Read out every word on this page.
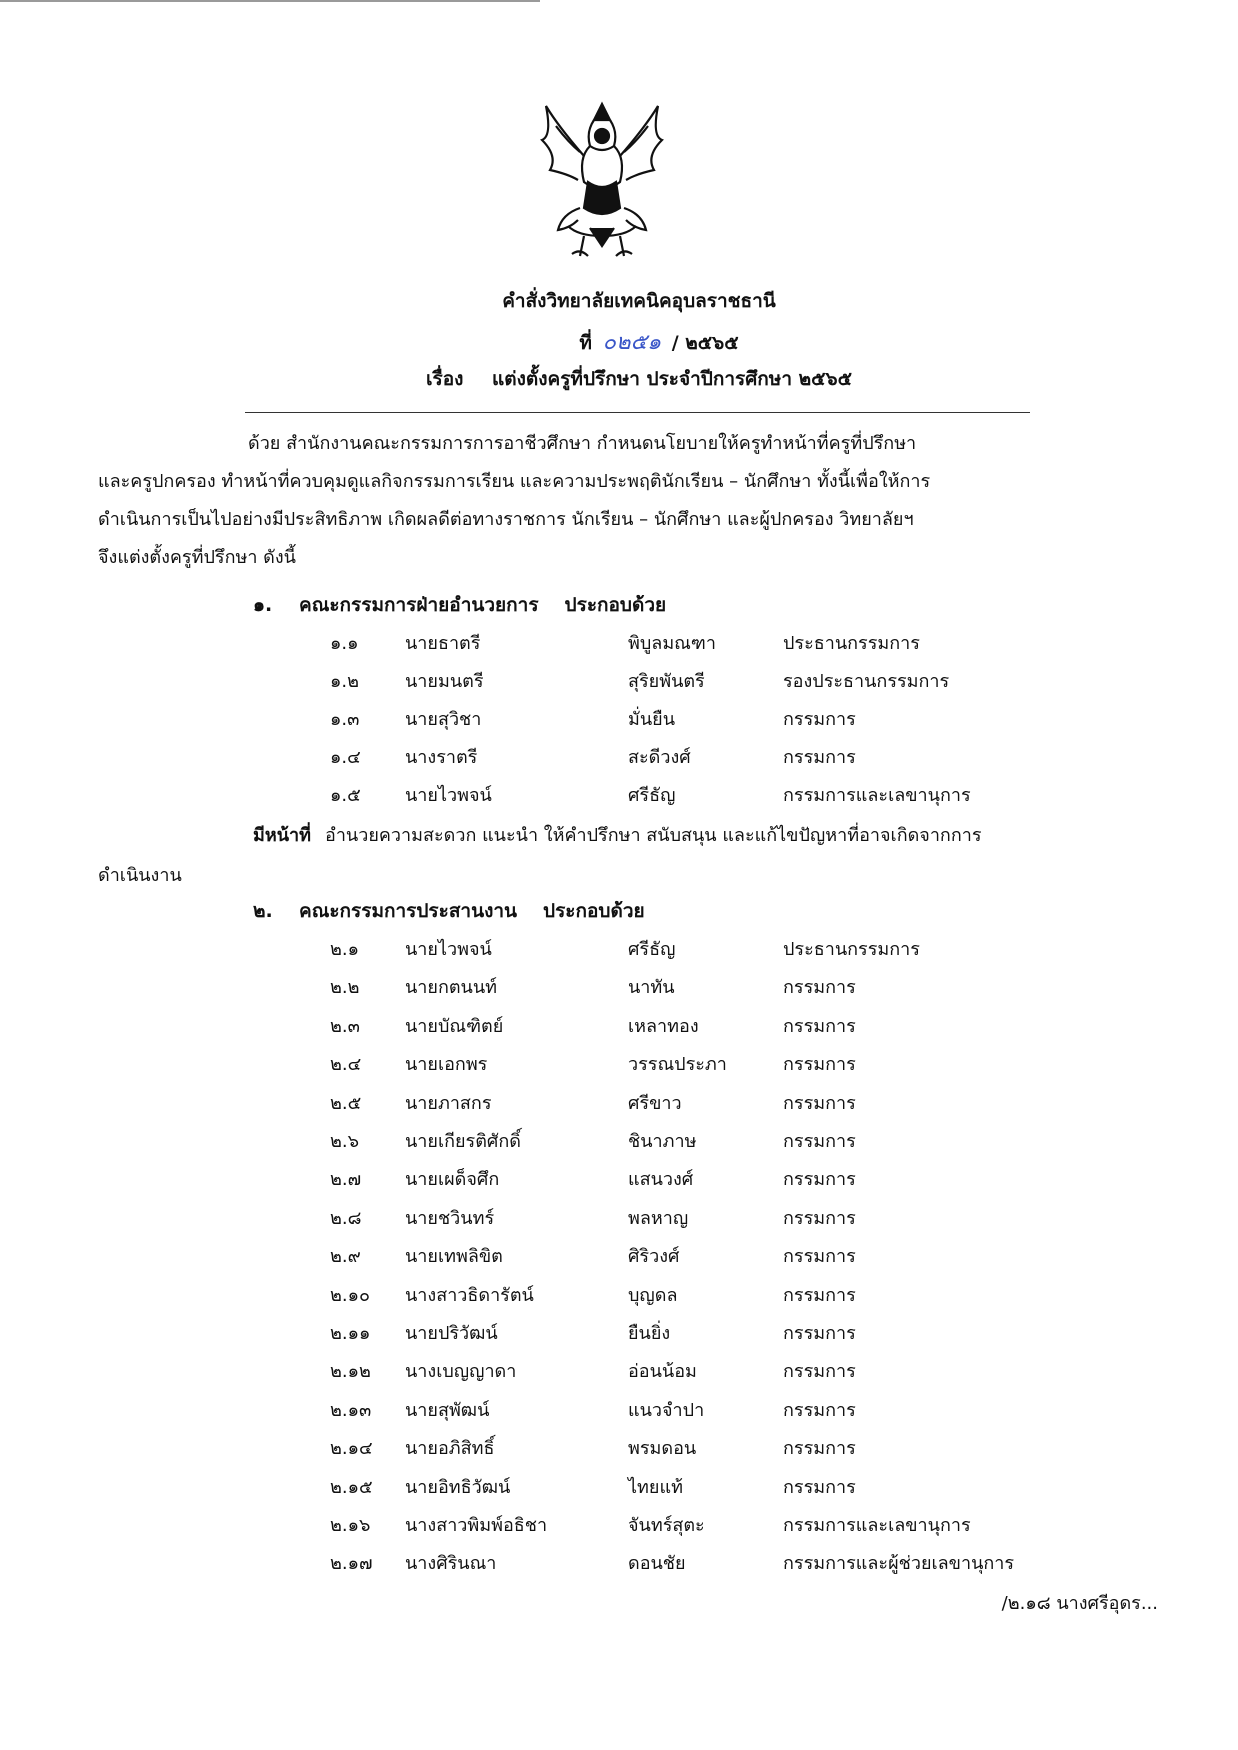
คำสั่งวิทยาลัยเทคนิคอุบลราชธานี
ที่ ๐๒๕๑ / ๒๕๖๕
เรื่อง แต่งตั้งครูที่ปรึกษา ประจำปีการศึกษา ๒๕๖๕
ด้วย สำนักงานคณะกรรมการการอาชีวศึกษา กำหนดนโยบายให้ครูทำหน้าที่ครูที่ปรึกษา
และครูปกครอง ทำหน้าที่ควบคุมดูแลกิจกรรมการเรียน และความประพฤตินักเรียน – นักศึกษา ทั้งนี้เพื่อให้การ
ดำเนินการเป็นไปอย่างมีประสิทธิภาพ เกิดผลดีต่อทางราชการ นักเรียน – นักศึกษา และผู้ปกครอง วิทยาลัยฯ
จึงแต่งตั้งครูที่ปรึกษา ดังนี้
๑. คณะกรรมการฝ่ายอำนวยการ ประกอบด้วย
๑.๑	นายธาตรี	พิบูลมณฑา	ประธานกรรมการ
๑.๒	นายมนตรี	สุริยพันตรี	รองประธานกรรมการ
๑.๓	นายสุวิชา	มั่นยืน	กรรมการ
๑.๔ นางราตรี	สะดีวงศ์	กรรมการ
๑.๕ นายไวพจน์	ศรีธัญ	กรรมการและเลขานุการ
มีหน้าที่ อำนวยความสะดวก แนะนำ ให้คำปรึกษา สนับสนุน และแก้ไขปัญหาที่อาจเกิดจากการ
ดำเนินงาน
๒. คณะกรรมการประสานงาน ประกอบด้วย
๒.๑	นายไวพจน์	ศรีธัญ	ประธานกรรมการ
๒.๒	นายกตนนท์	นาทัน	กรรมการ
๒.๓	นายบัณฑิตย์	เหลาทอง	กรรมการ
๒.๔ นายเอกพร	วรรณประภา	กรรมการ
๒.๕ นายภาสกร	ศรีขาว	กรรมการ
๒.๖	นายเกียรติศักดิ์	ชินาภาษ	กรรมการ
๒.๗ นายเผด็จศึก	แสนวงศ์	กรรมการ
๒.๘ นายชวินทร์	พลหาญ	กรรมการ
๒.๙ นายเทพลิขิต	ศิริวงศ์	กรรมการ
๒.๑๐ นางสาวธิดารัตน์	บุญดล	กรรมการ
๒.๑๑ นายปริวัฒน์	ยืนยิ่ง	กรรมการ
๒.๑๒ นางเบญญาดา	อ่อนน้อม	กรรมการ
๒.๑๓ นายสุพัฒน์	แนวจำปา	กรรมการ
๒.๑๔ นายอภิสิทธิ์	พรมดอน	กรรมการ
๒.๑๕ นายอิทธิวัฒน์	ไทยแท้	กรรมการ
๒.๑๖ นางสาวพิมพ์อธิชา	จันทร์สุตะ	กรรมการและเลขานุการ
๒.๑๗ นางศิรินณา	ดอนชัย	กรรมการและผู้ช่วยเลขานุการ
/๒.๑๘ นางศรีอุดร...
